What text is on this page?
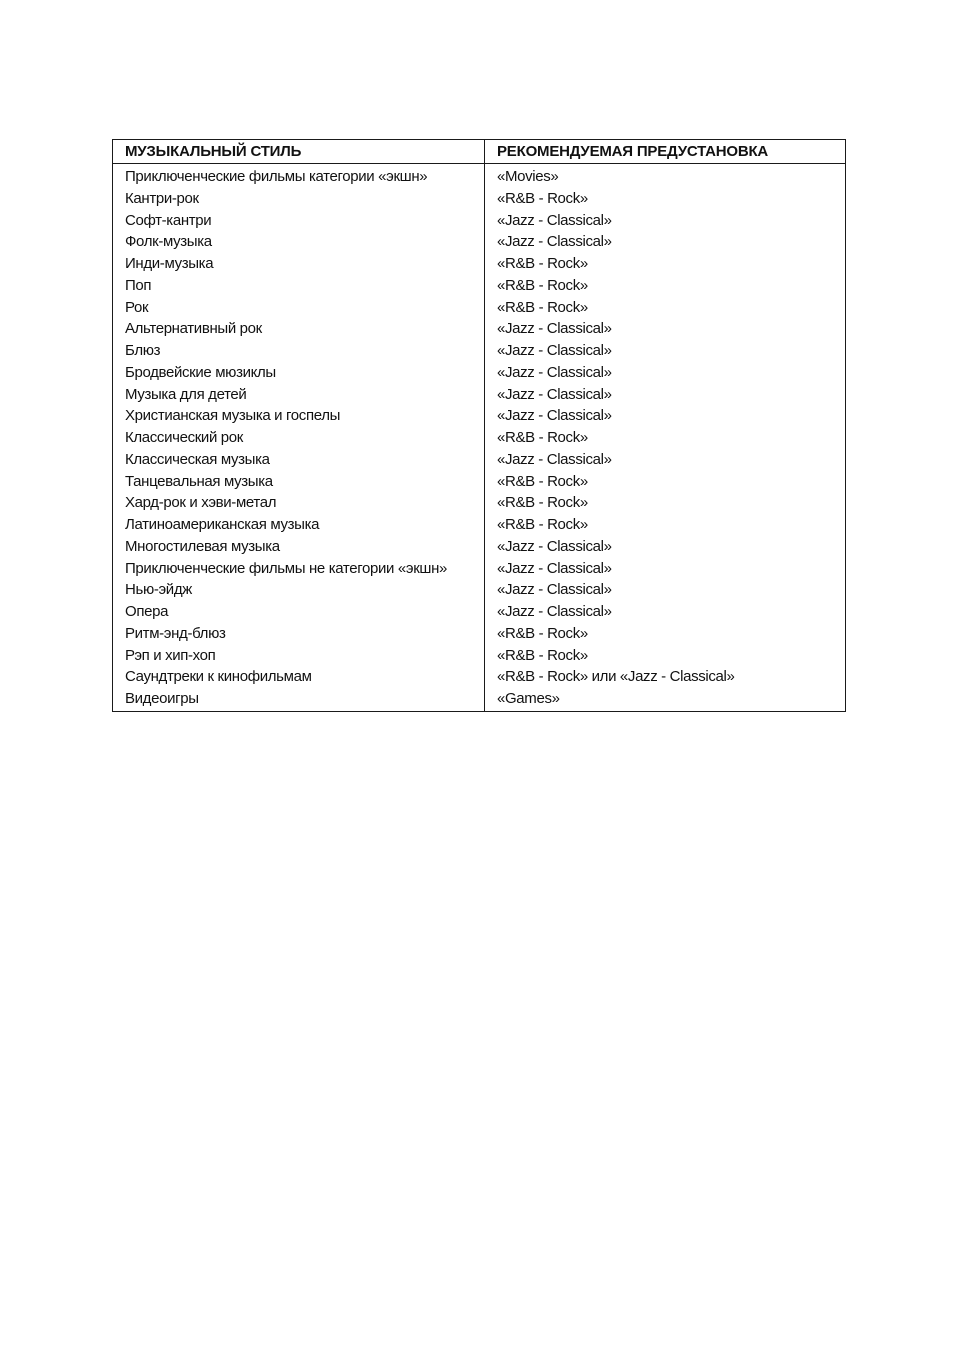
МУЗЫКАЛЬНЫЙ СТИЛЬ	РЕКОМЕНДУЕМАЯ ПРЕДУСТАНОВКА
Приключенческие фильмы категории «экшн»	«Movies»
Кантри-рок	«R&B - Rock»
Софт-кантри	«Jazz - Classical»
Фолк-музыка	«Jazz - Classical»
Инди-музыка	«R&B - Rock»
Поп	«R&B - Rock»
Рок	«R&B - Rock»
Альтернативный рок	«Jazz - Classical»
Блюз	«Jazz - Classical»
Бродвейские мюзиклы	«Jazz - Classical»
Музыка для детей	«Jazz - Classical»
Христианская музыка и госпелы	«Jazz - Classical»
Классический рок	«R&B - Rock»
Классическая музыка	«Jazz - Classical»
Танцевальная музыка	«R&B - Rock»
Хард-рок и хэви-метал	«R&B - Rock»
Латиноамериканская музыка	«R&B - Rock»
Многостилевая музыка	«Jazz - Classical»
Приключенческие фильмы не категории «экшн»	«Jazz - Classical»
Нью-эйдж	«Jazz - Classical»
Опера	«Jazz - Classical»
Ритм-энд-блюз	«R&B - Rock»
Рэп и хип-хоп	«R&B - Rock»
Саундтреки к кинофильмам	«R&B - Rock» или «Jazz - Classical»
Видеоигры	«Games»
